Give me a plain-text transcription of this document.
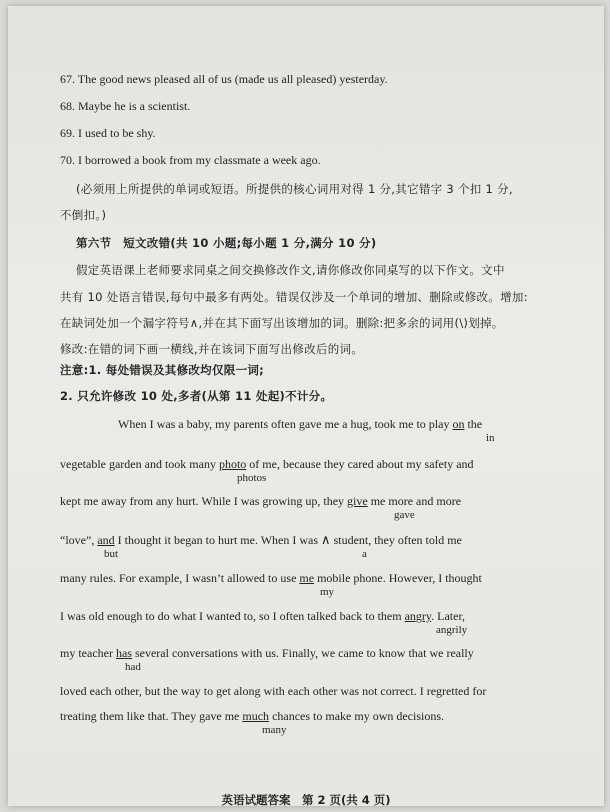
67. The good news pleased all of us (made us all pleased) yesterday.
68. Maybe he is a scientist.
69. I used to be shy.
70. I borrowed a book from my classmate a week ago.
(必须用上所提供的单词或短语。所提供的核心词用对得 1 分,其它错字 3 个扣 1 分,
不倒扣。)
第六节　短文改错(共 10 小题;每小题 1 分,满分 10 分)
假定英语课上老师要求同桌之间交换修改作文,请你修改你同桌写的以下作文。文中
共有 10 处语言错误,每句中最多有两处。错误仅涉及一个单词的增加、删除或修改。增加:
在缺词处加一个漏字符号∧,并在其下面写出该增加的词。删除:把多余的词用(\)划掉。
修改:在错的词下画一横线,并在该词下面写出修改后的词。
注意:1. 每处错误及其修改均仅限一词;
2. 只允许修改 10 处,多者(从第 11 处起)不计分。
When I was a baby, my parents often gave me a hug, took me to play on the
in
vegetable garden and took many photo of me, because they cared about my safety and
photos
kept me away from any hurt. While I was growing up, they give me more and more
gave
“love”, and I thought it began to hurt me. When I was ∧ student, they often told me
but	a
many rules. For example, I wasn’t allowed to use me mobile phone. However, I thought
my
I was old enough to do what I wanted to, so I often talked back to them angry. Later,
angrily
my teacher has several conversations with us. Finally, we came to know that we really
had
loved each other, but the way to get along with each other was not correct. I regretted for
treating them like that. They gave me much chances to make my own decisions.
many
英语试题答案　第 2 页(共 4 页)
